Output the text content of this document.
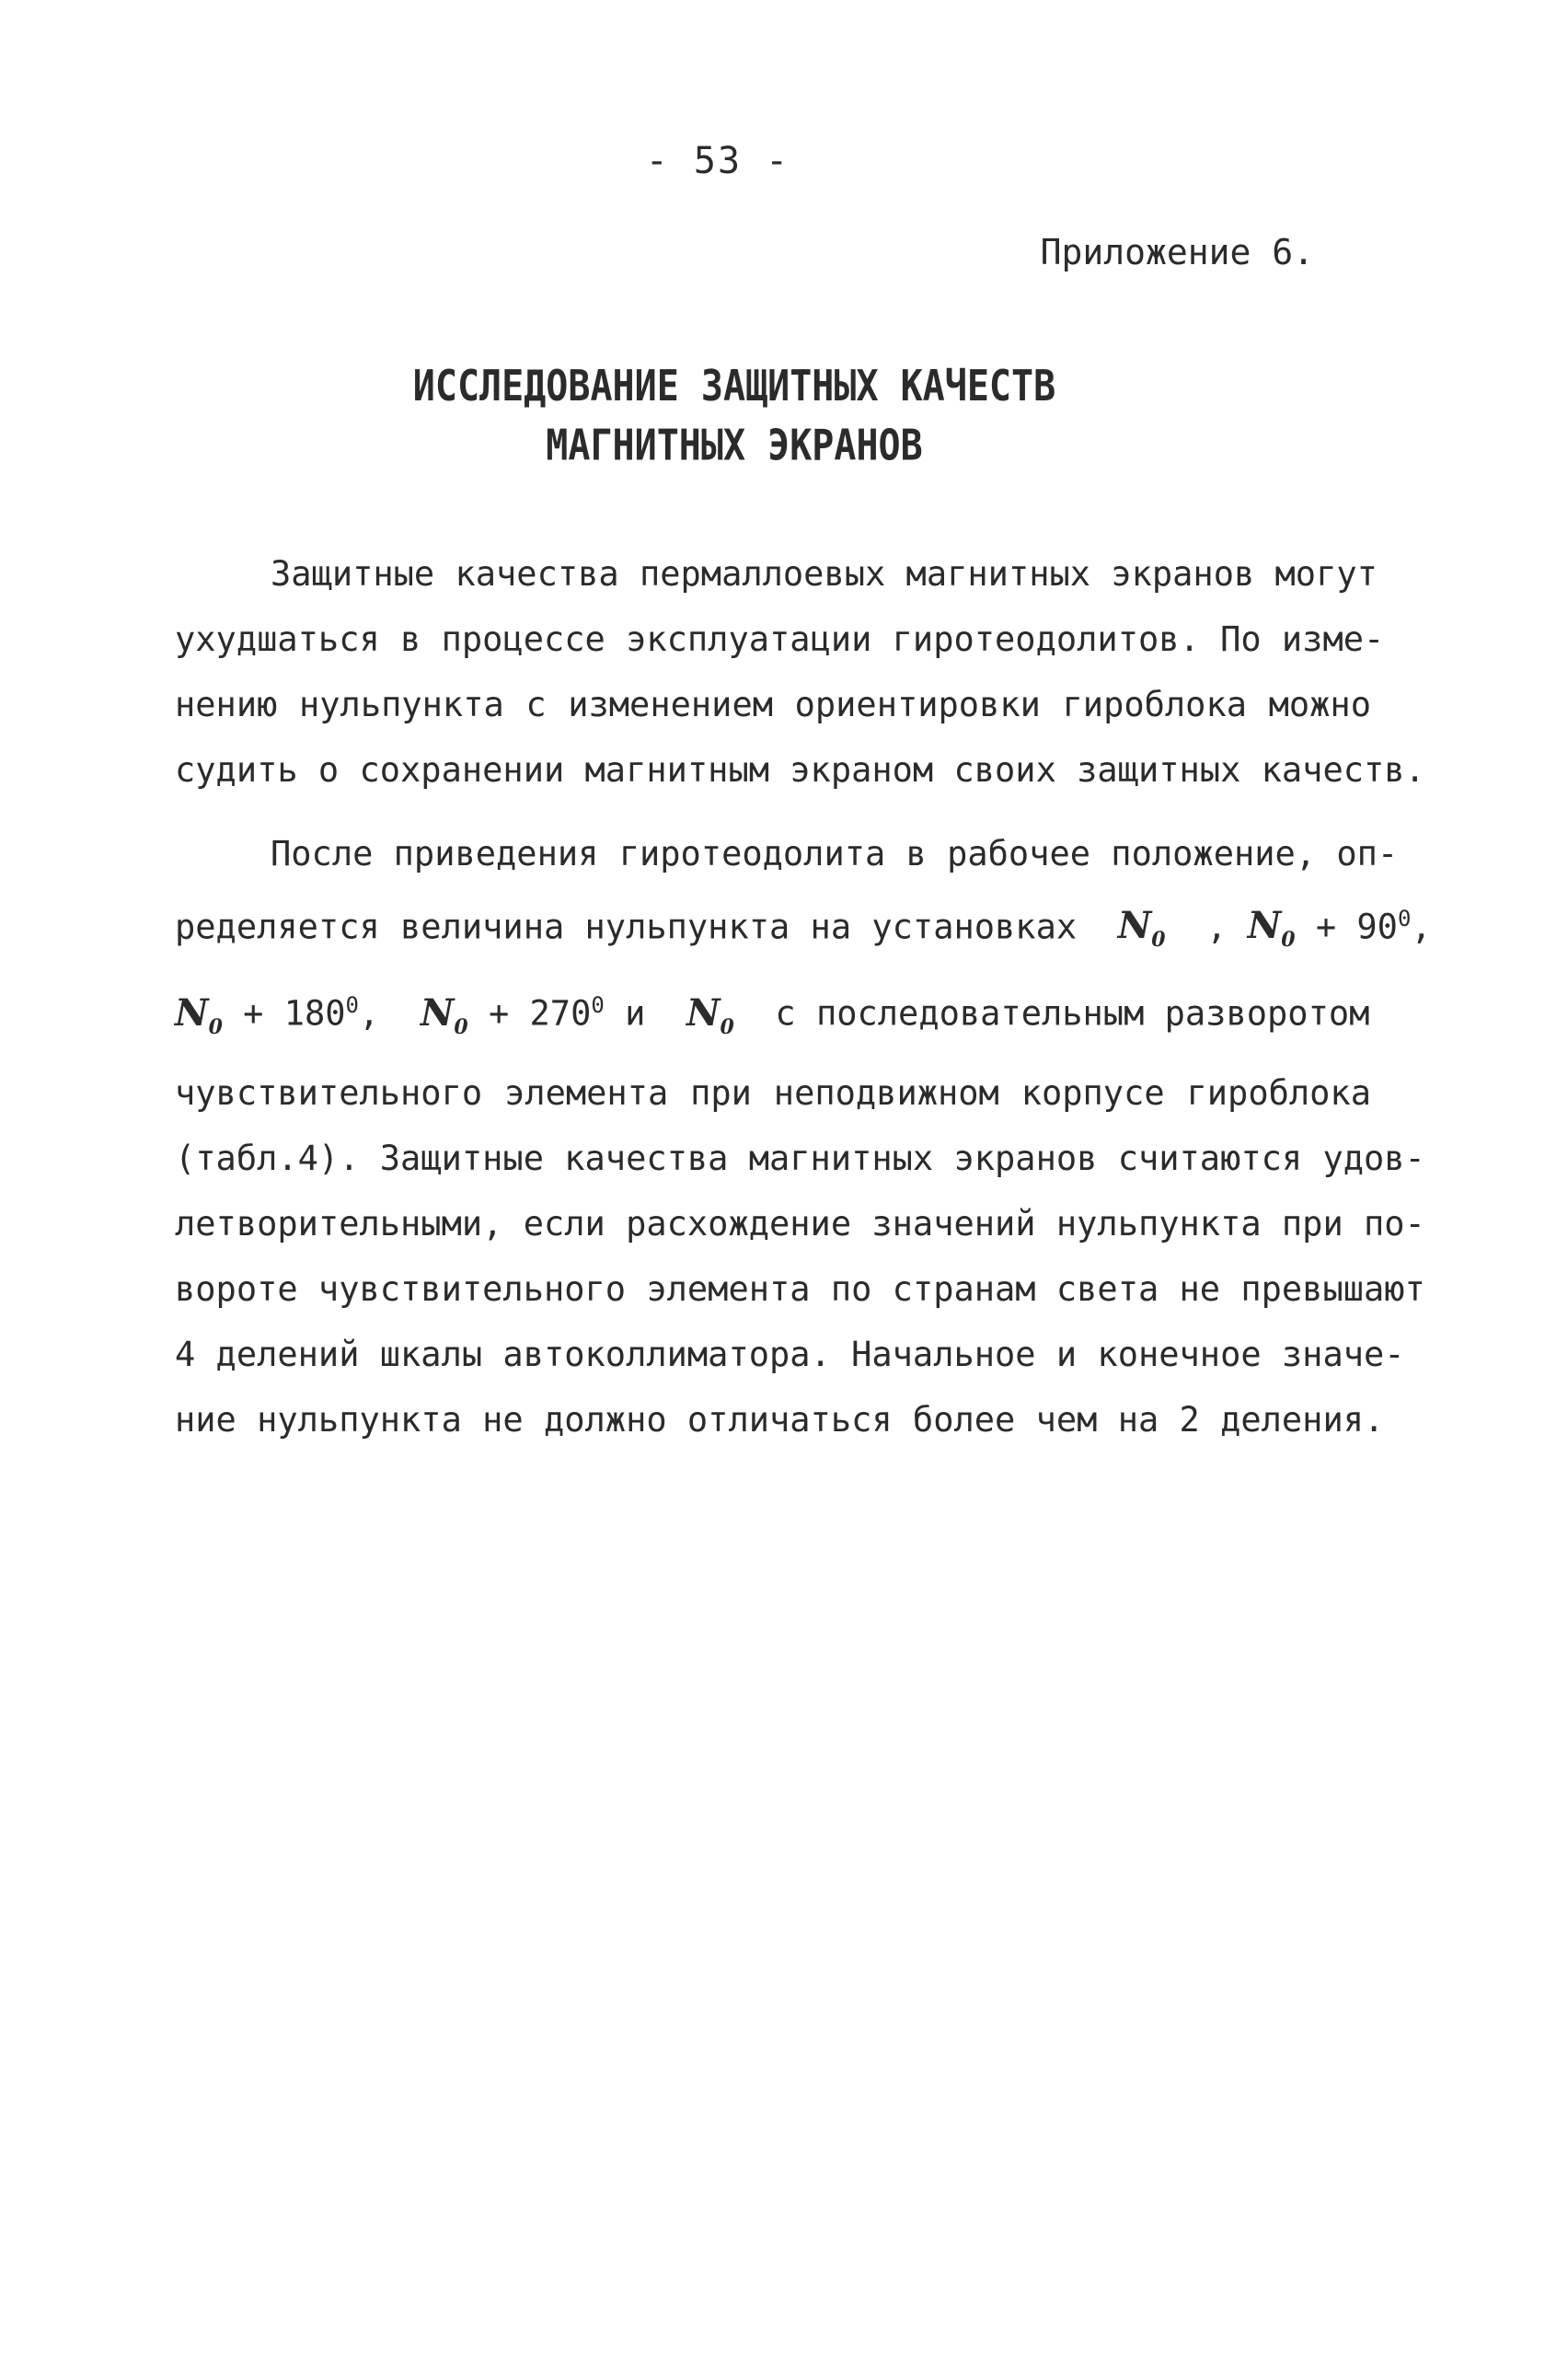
- 53 -
Приложение 6.
ИССЛЕДОВАНИЕ ЗАЩИТНЫХ КАЧЕСТВ
МАГНИТНЫХ ЭКРАНОВ
Защитные качества пермаллоевых магнитных экранов могут
ухудшаться в процессе эксплуатации гиротеодолитов. По изме-
нению нульпункта с изменением ориентировки гироблока можно
судить о сохранении магнитным экраном своих защитных качеств.
После приведения гиротеодолита в рабочее положение, оп-
ределяется величина нульпункта на установках $N_0$  , $N_0 + 90^0$,
$N_0 + 180^0$,  $N_0 + 270^0$ и $N_0$ с последовательным разворотом
чувствительного элемента при неподвижном корпусе гироблока
(табл.4). Защитные качества магнитных экранов считаются удов-
летворительными, если расхождение значений нульпункта при по-
вороте чувствительного элемента по странам света не превышают
4 делений шкалы автоколлиматора. Начальное и конечное значе-
ние нульпункта не должно отличаться более чем на 2 деления.
